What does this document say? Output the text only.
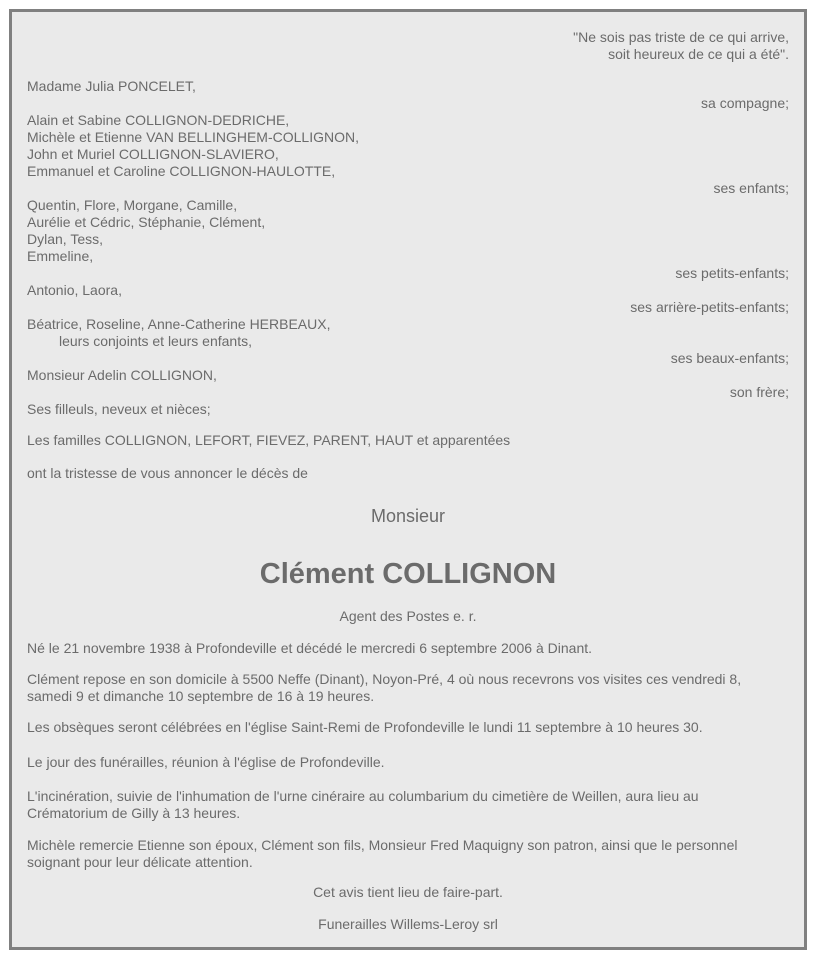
"Ne sois pas triste de ce qui arrive,
soit heureux de ce qui a été".
Madame Julia PONCELET,
sa compagne;
Alain et Sabine COLLIGNON-DEDRICHE,
Michèle et Etienne VAN BELLINGHEM-COLLIGNON,
John et Muriel COLLIGNON-SLAVIERO,
Emmanuel et Caroline COLLIGNON-HAULOTTE,
ses enfants;
Quentin, Flore, Morgane, Camille,
Aurélie et Cédric, Stéphanie, Clément,
Dylan, Tess,
Emmeline,
ses petits-enfants;
Antonio, Laora,
ses arrière-petits-enfants;
Béatrice, Roseline, Anne-Catherine HERBEAUX,
leurs conjoints et leurs enfants,
ses beaux-enfants;
Monsieur Adelin COLLIGNON,
son frère;
Ses filleuls, neveux et nièces;
Les familles COLLIGNON, LEFORT, FIEVEZ, PARENT, HAUT et apparentées
ont la tristesse de vous annoncer le décès de
Monsieur
Clément COLLIGNON
Agent des Postes e. r.
Né le 21 novembre 1938 à Profondeville et décédé le mercredi 6 septembre 2006 à Dinant.
Clément repose en son domicile à 5500 Neffe (Dinant), Noyon-Pré, 4 où nous recevrons vos visites ces vendredi 8,
samedi 9 et dimanche 10 septembre de 16 à 19 heures.
Les obsèques seront célébrées en l'église Saint-Remi de Profondeville le lundi 11 septembre à 10 heures 30.
Le jour des funérailles, réunion à l'église de Profondeville.
L'incinération, suivie de l'inhumation de l'urne cinéraire au columbarium du cimetière de Weillen, aura lieu au
Crématorium de Gilly à 13 heures.
Michèle remercie Etienne son époux, Clément son fils, Monsieur Fred Maquigny son patron, ainsi que le personnel
soignant pour leur délicate attention.
Cet avis tient lieu de faire-part.
Funerailles Willems-Leroy srl
